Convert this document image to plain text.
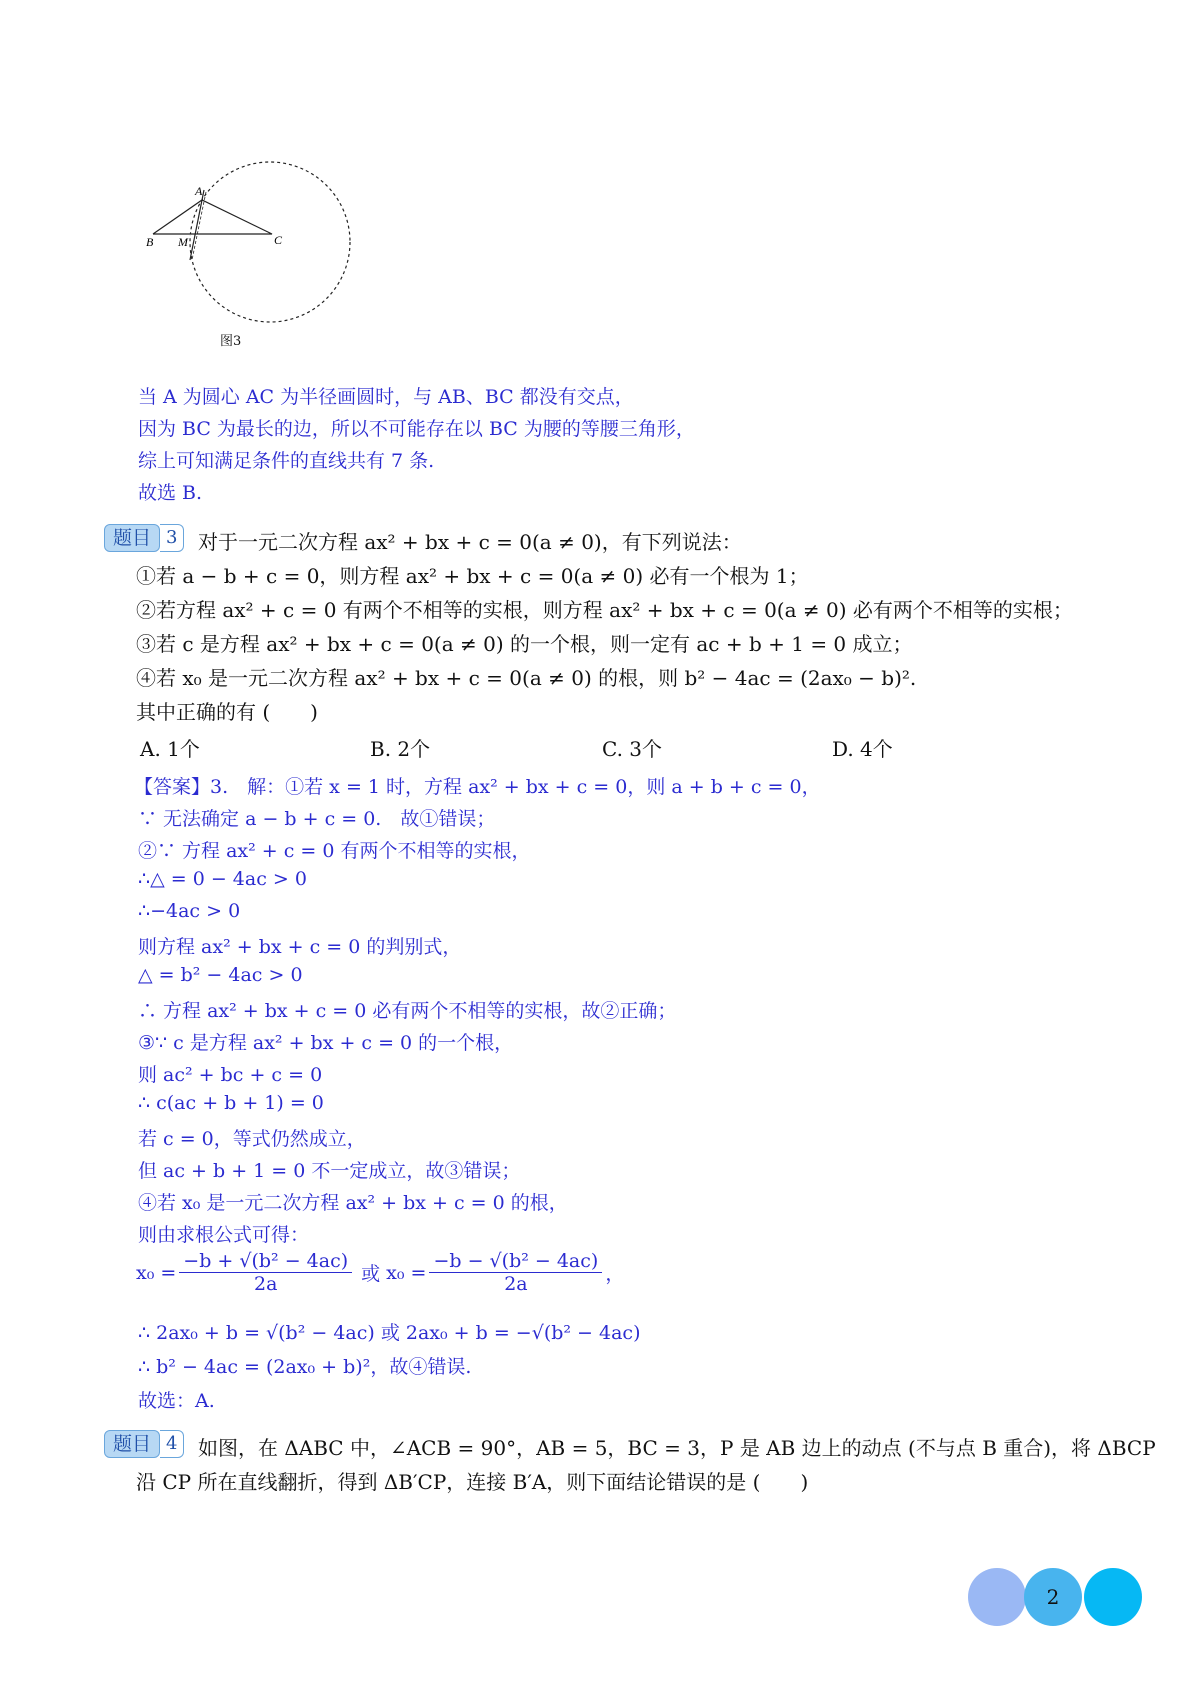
A
B M	C
图3
当 A 为圆心 AC 为半径画圆时，与 AB、BC 都没有交点，
因为 BC 为最长的边，所以不可能存在以 BC 为腰的等腰三角形，
综上可知满足条件的直线共有 7 条.
故选 B.
题目 3	对于一元二次方程 ax² + bx + c = 0(a ≠ 0)，有下列说法：
①若 a − b + c = 0，则方程 ax² + bx + c = 0(a ≠ 0) 必有一个根为 1；
②若方程 ax² + c = 0 有两个不相等的实根，则方程 ax² + bx + c = 0(a ≠ 0) 必有两个不相等的实根；
③若 c 是方程 ax² + bx + c = 0(a ≠ 0) 的一个根，则一定有 ac + b + 1 = 0 成立；
④若 x₀ 是一元二次方程 ax² + bx + c = 0(a ≠ 0) 的根，则 b² − 4ac = (2ax₀ − b)².
其中正确的有 (　　)
A. 1个	B. 2个	C. 3个	D. 4个
【答案】3.　解：①若 x = 1 时，方程 ax² + bx + c = 0，则 a + b + c = 0，
∵ 无法确定 a − b + c = 0.　故①错误；
②∵ 方程 ax² + c = 0 有两个不相等的实根，
∴△ = 0 − 4ac > 0
∴−4ac > 0
则方程 ax² + bx + c = 0 的判别式，
△ = b² − 4ac > 0
∴ 方程 ax² + bx + c = 0 必有两个不相等的实根，故②正确；
③∵ c 是方程 ax² + bx + c = 0 的一个根，
则 ac² + bc + c = 0
∴ c(ac + b + 1) = 0
若 c = 0，等式仍然成立，
但 ac + b + 1 = 0 不一定成立，故③错误；
④若 x₀ 是一元二次方程 ax² + bx + c = 0 的根，
则由求根公式可得：
$x_0 = \frac{\text{−b + √(b² − 4ac)}}{2a}$ 或 $x_0 = \frac{\text{−b − √(b² − 4ac)}}{2a}$ ，
∴ 2ax₀ + b = √(b² − 4ac) 或 2ax₀ + b = −√(b² − 4ac)
∴ b² − 4ac = (2ax₀ + b)²，故④错误.
故选：A.
题目 4	如图，在 ΔABC 中，∠ACB = 90°，AB = 5，BC = 3，P 是 AB 边上的动点 (不与点 B 重合)，将 ΔBCP
沿 CP 所在直线翻折，得到 ΔB′CP，连接 B′A，则下面结论错误的是 (　　)
2
